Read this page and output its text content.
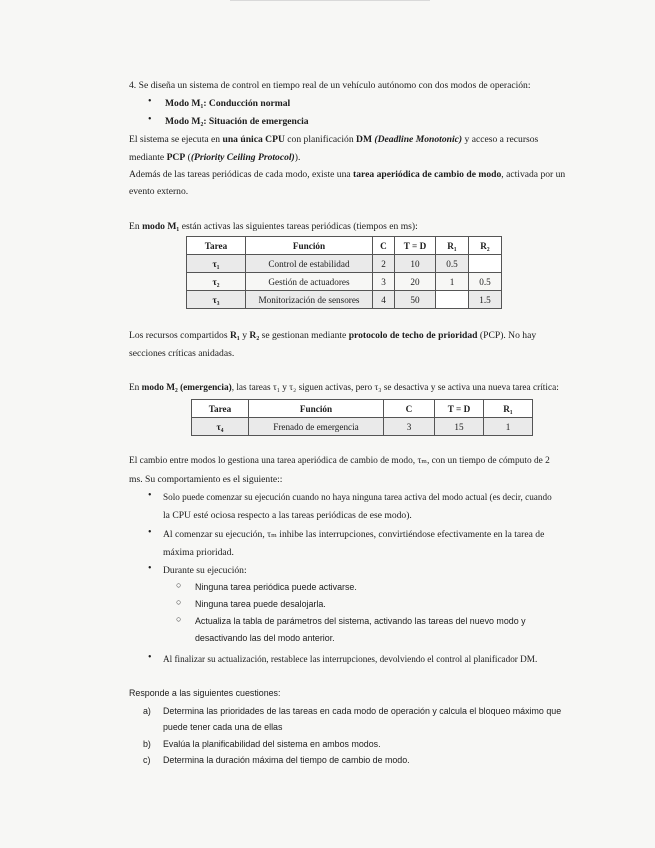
4. Se diseña un sistema de control en tiempo real de un vehículo autónomo con dos modos de operación:

• Modo M₁: Conducción normal

• Modo M₂: Situación de emergencia

El sistema se ejecuta en una única CPU con planificación DM (Deadline Monotonic) y acceso a recursos

mediante PCP ((Priority Ceiling Protocol)).

Además de las tareas periódicas de cada modo, existe una tarea aperiódica de cambio de modo, activada por un

evento externo.

En modo M₁ están activas las siguientes tareas periódicas (tiempos en ms):

Tarea	Función	C	T = D	R₁	R₂
τ₁	Control de estabilidad	2	10	0.5	
τ₂	Gestión de actuadores	3	20	1	0.5
τ₃	Monitorización de sensores	4	50		1.5

Los recursos compartidos R₁ y R₂ se gestionan mediante protocolo de techo de prioridad (PCP). No hay

secciones críticas anidadas.

En modo M₂ (emergencia), las tareas τ₁ y τ₂ siguen activas, pero τ₃ se desactiva y se activa una nueva tarea crítica:

Tarea	Función	C	T = D	R₁
τ₄	Frenado de emergencia	3	15	1

El cambio entre modos lo gestiona una tarea aperiódica de cambio de modo, τₘ, con un tiempo de cómputo de 2

ms. Su comportamiento es el siguiente::

• Solo puede comenzar su ejecución cuando no haya ninguna tarea activa del modo actual (es decir, cuando

la CPU esté ociosa respecto a las tareas periódicas de ese modo).

• Al comenzar su ejecución, τₘ inhibe las interrupciones, convirtiéndose efectivamente en la tarea de

máxima prioridad.

• Durante su ejecución:

○ Ninguna tarea periódica puede activarse.

○ Ninguna tarea puede desalojarla.

○ Actualiza la tabla de parámetros del sistema, activando las tareas del nuevo modo y

desactivando las del modo anterior.

• Al finalizar su actualización, restablece las interrupciones, devolviendo el control al planificador DM.

Responde a las siguientes cuestiones:

a)	Determina las prioridades de las tareas en cada modo de operación y calcula el bloqueo máximo que

puede tener cada una de ellas

b)	Evalúa la planificabilidad del sistema en ambos modos.

c)	Determina la duración máxima del tiempo de cambio de modo.
